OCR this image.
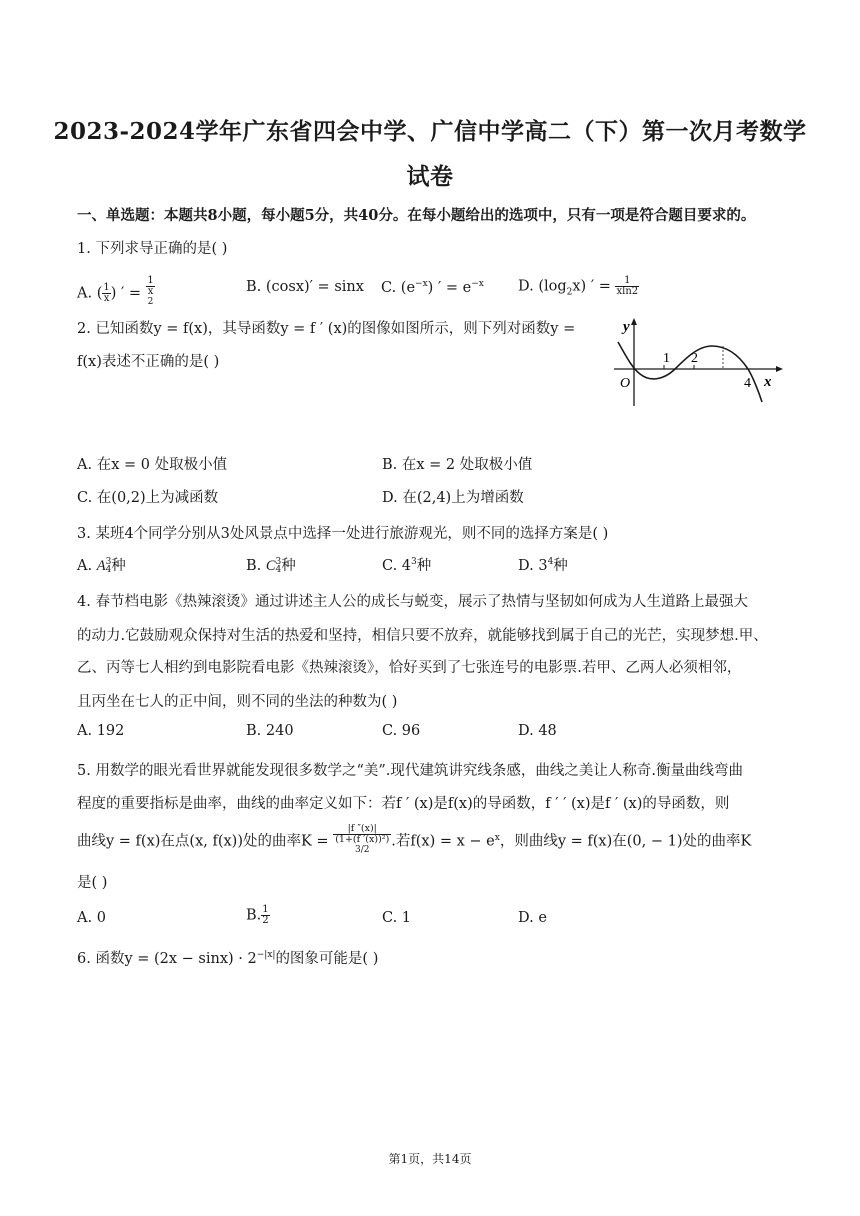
2023-2024学年广东省四会中学、广信中学高二（下）第一次月考数学
试卷
一、单选题：本题共8小题，每小题5分，共40分。在每小题给出的选项中，只有一项是符合题目要求的。
1. 下列求导正确的是( )
A. ( $\frac{1}{x}$ ) ′ = 1
x
$^2$	B. (cosx)′ = sinx C. $(e^{-x})$ ′ = $e^{-x}$ D. $(\log_2x)$ ′ = $\frac{1}{xln2}$
2. 已知函数y = f(x)，其导函数y = f ′ (x)的图像如图所示，则下列对函数y =
f(x)表述不正确的是( )
y
x
O
1 2
4
A. 在x = 0 处取极小值	B. 在x = 2 处取极小值
C. 在(0,2)上为减函数	D. 在(2,4)上为增函数
3. 某班4个同学分别从3处风景点中选择一处进行旅游观光，则不同的选择方案是( )
A. A 3
4 种	B. C 3
4 种	C. $4^3$种	D. $3^4$种
4. 春节档电影《热辣滚烫》通过讲述主人公的成长与蜕变，展示了热情与坚韧如何成为人生道路上最强大
的动力.它鼓励观众保持对生活的热爱和坚持，相信只要不放弃，就能够找到属于自己的光芒，实现梦想.甲、
乙、丙等七人相约到电影院看电影《热辣滚烫》，恰好买到了七张连号的电影票.若甲、乙两人必须相邻，
且丙坐在七人的正中间，则不同的坐法的种数为( )
A. 192	B. 240	C. 96	D. 48
5. 用数学的眼光看世界就能发现很多数学之“美”.现代建筑讲究线条感，曲线之美让人称奇.衡量曲线弯曲
程度的重要指标是曲率，曲线的曲率定义如下：若f ′ (x)是f(x)的导函数，f ′ ′ (x)是f ′ (x)的导函数，则
曲线y = f(x)在点(x, f(x))处的曲率K = |f ″(x)|
(1+(f ′(x))²)
$^{3/2}$ .若$f(x) = x - e^x$，则曲线y = f(x)在(0, − 1)处的曲率K
是( )
A. 0	B. $\frac{1}{2}$	C. 1	D. e
6. 函数$y = (2x - \sin x) \cdot 2^{-|x|}$的图象可能是( )
第1页，共14页
